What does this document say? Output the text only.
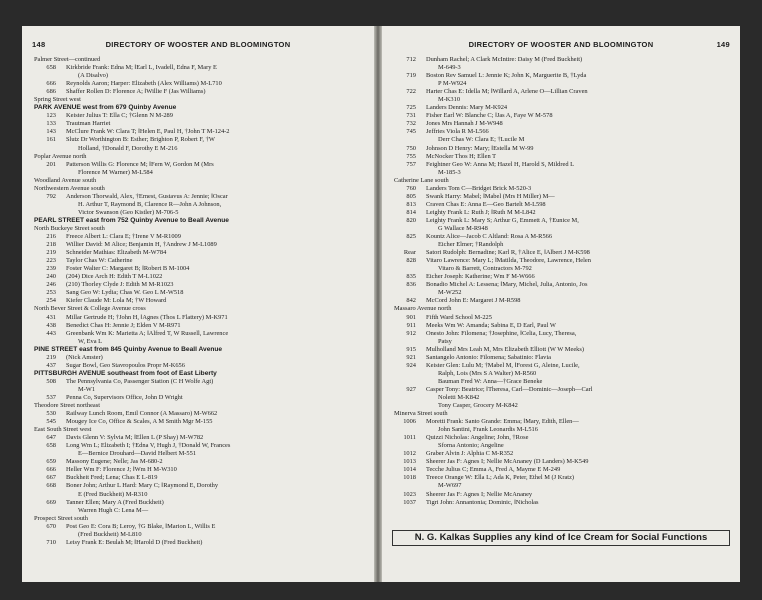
148	DIRECTORY OF WOOSTER AND BLOOMINGTON
Palmer Street—continued
658 Kirkbride Frank: Edna M; ‖Earl L, Ivadell, Edna F, Mary E
(A Disalvo)
666 Reynolds Aaron; Harper: Elizabeth (Alex Williams) M-L710
686 Shaffer Rollen D: Florence A; ‖Willie F (Jas Williams)
Spring Street west
PARK AVENUE west from 679 Quinby Avenue
123 Keister Julius T: Ella C; †Glenn N M-289
133 Trautman Harriet
143 McClure Frank W: Clara T; ‖Helen E, Paul H, †John T M-124-2
161 Slutz Dr Worthington B: Esther; Brighton P, Robert F, †W
Holland, †Donald F, Dorothy E M-216
Poplar Avenue north
201 Patterson Willis G: Florence M; ‖Fern W, Gordon M (Mrs
Florence M Warner) M-L584
Woodland Avenue south
Northwestern Avenue south
792 Anderson Thorwald, Alex, †Ernest, Gustavus A: Jennie; ‖Oscar
H. Arthur T, Raymond B, Clarence R—John A Johnson,
Victor Swanson (Geo Kistler) M-706-5
PEARL STREET east from 752 Quinby Avenue to Beall Avenue
North Buckeye Street south
216 Freece Albert L: Clara E; †Irene V M-R1009
218 Willier David: M Alice; Benjamin H, †Andrew J M-L1089
219 Schneider Mathias: Elizabeth M-W784
223 Taylor Chas W: Catherine
239 Foster Walter C: Margaret B; ‖Robert B M-1004
240 (204) Dice Arch H: Edith T M-L1022
246 (210) Thorley Clyde J: Edith M M-R1023
253 Sang Geo W: Lydia; Chas W. Geo L M-W518
254 Kiefer Claude M: Lola M; †W Howard
North Bever Street & College Avenue cross
431 Millar Gertrude H; †John H, ‖Agnes (Thos L Flattery) M-K971
438 Benedict Chas H: Jennie J; Elden V M-R971
443 Greenbank Wm K: Marietta A; ‖Alfred T, W Russell, Lawrence
W, Eva L
PINE STREET east from 845 Quinby Avenue to Beall Avenue
219 (Nick Amster)
437 Sugar Bowl, Geo Stavropoulos Propr M-K656
PITTSBURGH AVENUE southeast from foot of East Liberty
508 The Pennsylvania Co, Passenger Station (C H Wolfe Agt)
M-W1
537 Penna Co, Supervisors Office, John D Wright
Theodore Street northeast
530 Railway Lunch Room, Emil Connor (A Massaro) M-W662
545 Mougey Ice Co, Office & Scales, A M Smith Mgr M-155
East South Street west
647 Davis Glenn V: Sylvia M; ‖Ellen L (P Shay) M-W782
658 Long Wm L; Elizabeth I; †Edna V, Hugh J, †Donald W, Frances
E—Bernice Drouhard—David Helbert M-551
659 Massony Eugene; Nelle; Jas M-680-2
666 Heller Wm F: Florence J; ‖Wm H M-W310
667 Buckheit Fred; Lena; Chas E L-819
668 Boner John; Arthur L Hard: Mary C; ‖Raymond E, Dorothy
E (Fred Buckheit) M-R310
669 Tanner Ellen; Mary A (Fred Buckheit)
Warren Hugh C: Lena M—
Prospect Street south
670 Post Geo E: Cora B; Leroy, †G Blake, ‖Marion L, Willis E
(Fred Buckheit) M-L810
710 Leisy Frank E: Beulah M; ‖Harold D (Fred Buckheit)
DIRECTORY OF WOOSTER AND BLOOMINGTON	149
712 Dunham Rachel; A Clark McIntire: Daisy M (Fred Buckheit)
M-649-3
719 Boston Rev Samuel L: Jennie K; John K, Marguerite B, †Lyda
P M-W924
722 Harter Chas E: Idella M; ‖Willard A, Arlene O—Lillian Craven
M-K310
725 Landers Dennis: Mary M-K924
731 Fisher Earl W: Blanche C; ‖Jas A, Faye W M-578
732 Jones Mrs Hannah J M-W948
745 Jeffries Viola R M-L566
Derr Chas W: Clara E; †Lucile M
750 Johnson D Henry: Mary; ‖Estella M W-99
755 McNocker Thos H; Ellen T
757 Feightner Geo W: Anna M; Hazel H, Harold S, Mildred L
M-185-3
Catherine Lane south
760 Landers Tom C—Bridget Brick M-520-3
805 Swank Harry: Mabel; ‖Mabel (Mrs H Miller) M—
813 Craven Chas E: Anna E—Geo Bartelt M-L598
814 Leighty Frank L: Ruth J; ‖Ruth M M-L842
820 Leighty Frank L: Mary S; Arthur G, Emmett A, †Eunice M,
G Wallace M-R948
825 Kountz Alice—Jacob C Altland: Rosa A M-R566
Eicher Elmer; †Randolph
Rear Satori Rudolph: Bernadine; Karl R, †Alice E, ‖Albert J M-K598
828 Vitaro Lawrence: Mary L; ‖Matilda, Theodore, Lawrence, Helen
Vitaro & Barrett, Contractors M-792
835 Eicher Joseph: Katherine; Wm F M-W666
836 Bonadio Michel A: Lessena; ‖Mary, Michel, Julia, Antonio, Jos
M-W252
842 McCord John E: Margaret J M-R598
Massaro Avenue north
901 Fifth Ward School M-225
911 Meeks Wm W: Amanda; Sabina E, D Earl, Paul W
912 Onesto John: Filomena; †Josephine, ‖Celia, Lucy, Theresa,
Patsy
915 Mulholland Mrs Leah M, Mrs Elizabeth Elliott (W W Meeks)
921 Santangelo Antonio: Filomena; Sabatinio: Flavia
924 Keister Glen: Lulu M; †Mabel M, ‖Forest G, Aleine, Lucile,
Ralph, Lois (Mrs S A Walter) M-R560
Bauman Fred W: Anna—†Grace Beneke
927 Casper Tony: Beatrice; ‖Theresa, Carl—Dominic—Joseph—Carl
Noletti M-K842
Tony Casper, Grocery M-K842
Minerva Street south
1006 Moretti Frank: Santo Grande: Emma; ‖Mary, Edith, Ellen—
John Santini, Frank Leonardis M-L516
1011 Quizzi Nicholas: Angeline; John, †Rose
Sforna Antonio; Angeline
1012 Graber Alvin J: Alphia C M-R352
1013 Sheerer Jas F: Agnes I; Nellie McAnaney (D Landers) M-K549
1014 Tecche Julius C; Emma A, Fred A, Mayme E M-249
1018 Treece Orange W: Ella L; Ada K, Peter, Ethel M (J Kratz)
M-W697
1023 Sheerer Jas F: Agnes I; Nellie McAnaney
1037 Tigri John: Annantonia; Dominic, ‖Nicholas
N. G. Kalkas Supplies any kind of Ice Cream for Social Functions
